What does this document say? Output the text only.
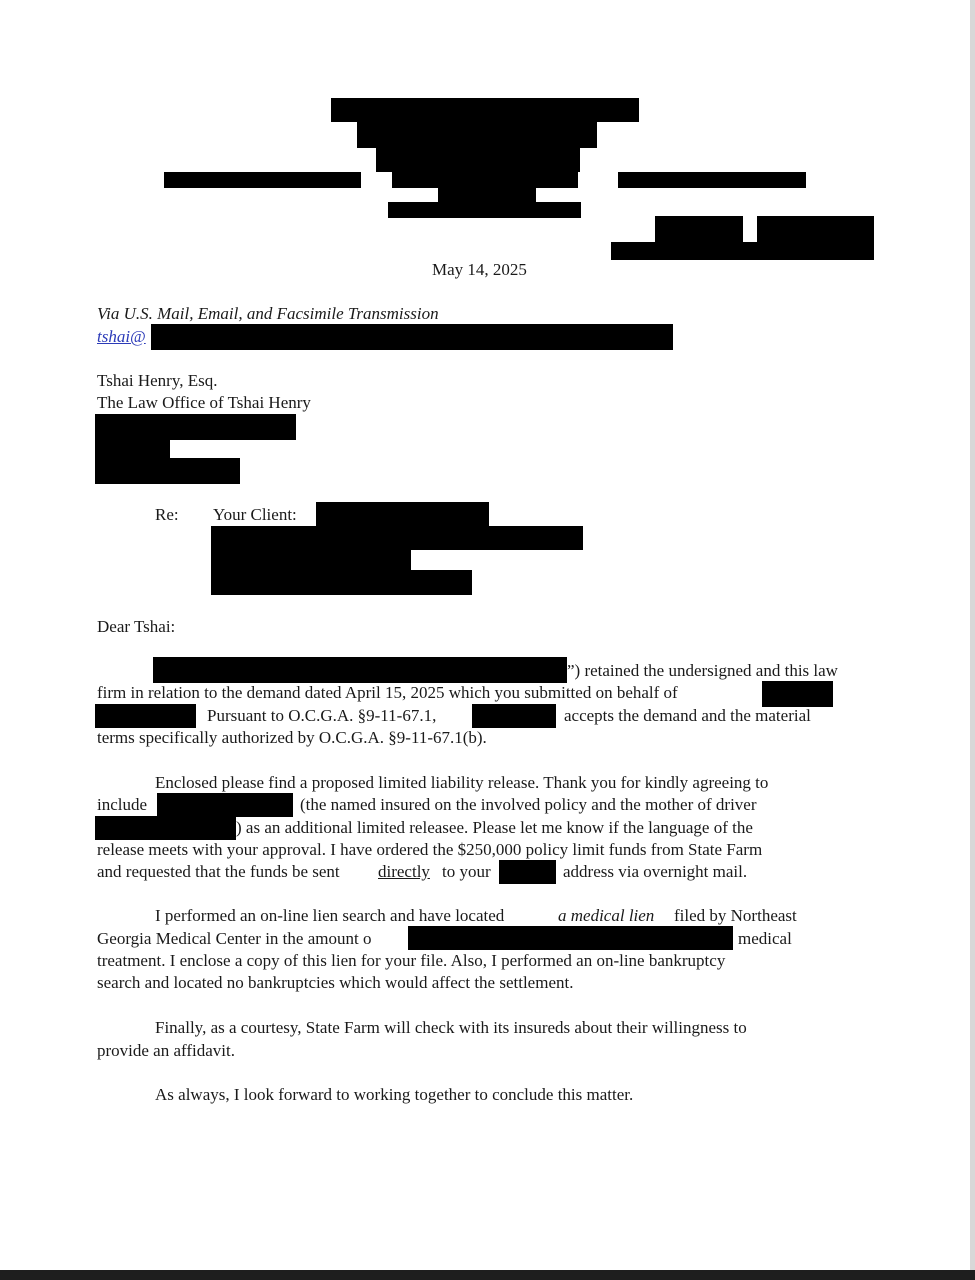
May 14, 2025
Via U.S. Mail, Email, and Facsimile Transmission
tshai@
Tshai Henry, Esq.
The Law Office of Tshai Henry
Re: Your Client:
Dear Tshai:
”) retained the undersigned and this law
firm in relation to the demand dated April 15, 2025 which you submitted on behalf of
Pursuant to O.C.G.A. §9-11-67.1,	accepts the demand and the material
terms specifically authorized by O.C.G.A. §9-11-67.1(b).
Enclosed please find a proposed limited liability release. Thank you for kindly agreeing to
include	(the named insured on the involved policy and the mother of driver
) as an additional limited releasee. Please let me know if the language of the
release meets with your approval. I have ordered the $250,000 policy limit funds from State Farm
and requested that the funds be sent directly to your	address via overnight mail.
I performed an on-line lien search and have located	a medical lien filed by Northeast
Georgia Medical Center in the amount o	medical
treatment. I enclose a copy of this lien for your file. Also, I performed an on-line bankruptcy
search and located no bankruptcies which would affect the settlement.
Finally, as a courtesy, State Farm will check with its insureds about their willingness to
provide an affidavit.
As always, I look forward to working together to conclude this matter.
